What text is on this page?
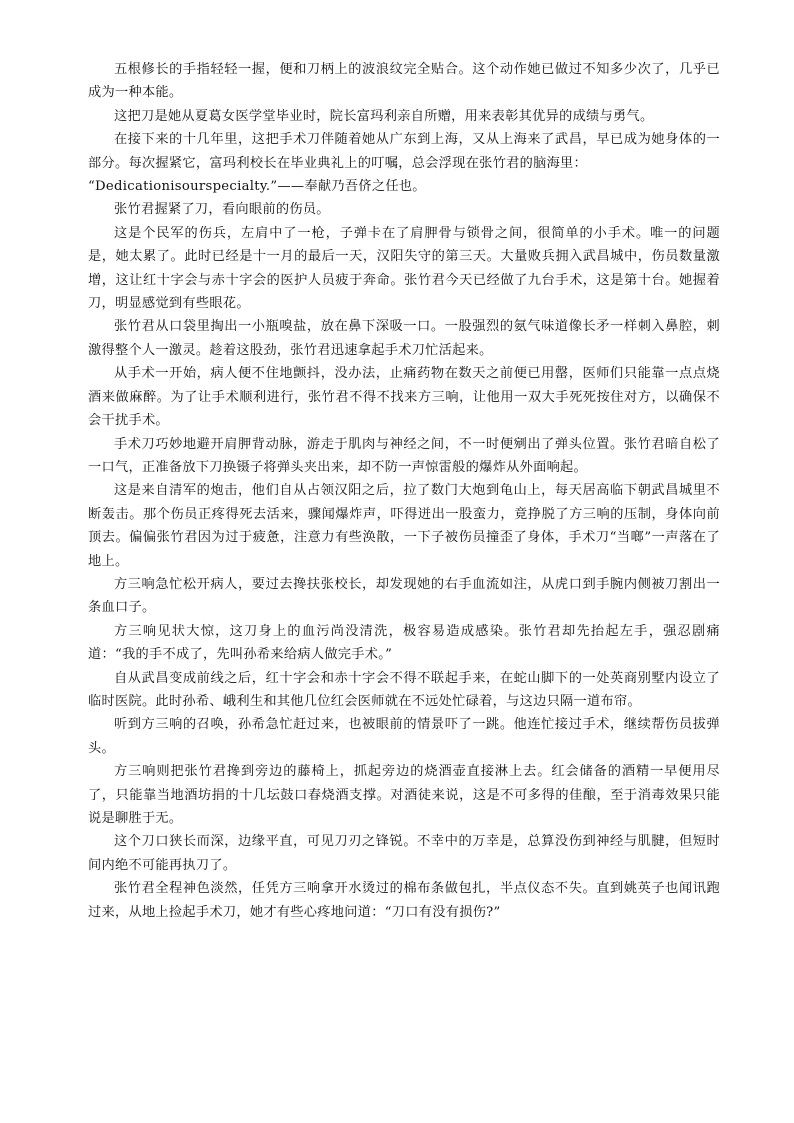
五根修长的手指轻轻一握，便和刀柄上的波浪纹完全贴合。这个动作她已做过不知多少次了，几乎已成为一种本能。

这把刀是她从夏葛女医学堂毕业时，院长富玛利亲自所赠，用来表彰其优异的成绩与勇气。

在接下来的十几年里，这把手术刀伴随着她从广东到上海，又从上海来了武昌，早已成为她身体的一部分。每次握紧它，富玛利校长在毕业典礼上的叮嘱，总会浮现在张竹君的脑海里：

“Dedicationisourspecialty.”——奉献乃吾侪之任也。

张竹君握紧了刀，看向眼前的伤员。

这是个民军的伤兵，左肩中了一枪，子弹卡在了肩胛骨与锁骨之间，很简单的小手术。唯一的问题是，她太累了。此时已经是十一月的最后一天，汉阳失守的第三天。大量败兵拥入武昌城中，伤员数量激增，这让红十字会与赤十字会的医护人员疲于奔命。张竹君今天已经做了九台手术，这是第十台。她握着刀，明显感觉到有些眼花。

张竹君从口袋里掏出一小瓶嗅盐，放在鼻下深吸一口。一股强烈的氨气味道像长矛一样刺入鼻腔，刺激得整个人一激灵。趁着这股劲，张竹君迅速拿起手术刀忙活起来。

从手术一开始，病人便不住地颤抖，没办法，止痛药物在数天之前便已用罄，医师们只能靠一点点烧酒来做麻醉。为了让手术顺利进行，张竹君不得不找来方三响，让他用一双大手死死按住对方，以确保不会干扰手术。

手术刀巧妙地避开肩胛背动脉，游走于肌肉与神经之间，不一时便剜出了弹头位置。张竹君暗自松了一口气，正准备放下刀换镊子将弹头夹出来，却不防一声惊雷般的爆炸从外面响起。

这是来自清军的炮击，他们自从占领汉阳之后，拉了数门大炮到龟山上，每天居高临下朝武昌城里不断轰击。那个伤员正疼得死去活来，骤闻爆炸声，吓得迸出一股蛮力，竟挣脱了方三响的压制，身体向前顶去。偏偏张竹君因为过于疲惫，注意力有些涣散，一下子被伤员撞歪了身体，手术刀“当啷”一声落在了地上。

方三响急忙松开病人，要过去搀扶张校长，却发现她的右手血流如注，从虎口到手腕内侧被刀割出一条血口子。

方三响见状大惊，这刀身上的血污尚没清洗，极容易造成感染。张竹君却先抬起左手，强忍剧痛道：“我的手不成了，先叫孙希来给病人做完手术。”

自从武昌变成前线之后，红十字会和赤十字会不得不联起手来，在蛇山脚下的一处英商别墅内设立了临时医院。此时孙希、峨利生和其他几位红会医师就在不远处忙碌着，与这边只隔一道布帘。

听到方三响的召唤，孙希急忙赶过来，也被眼前的情景吓了一跳。他连忙接过手术，继续帮伤员拔弹头。

方三响则把张竹君搀到旁边的藤椅上，抓起旁边的烧酒壶直接淋上去。红会储备的酒精一早便用尽了，只能靠当地酒坊捐的十几坛鼓口春烧酒支撑。对酒徒来说，这是不可多得的佳酿，至于消毒效果只能说是聊胜于无。

这个刀口狭长而深，边缘平直，可见刀刃之锋锐。不幸中的万幸是，总算没伤到神经与肌腱，但短时间内绝不可能再执刀了。

张竹君全程神色淡然，任凭方三响拿开水烫过的棉布条做包扎，半点仪态不失。直到姚英子也闻讯跑过来，从地上捡起手术刀，她才有些心疼地问道：“刀口有没有损伤?”
